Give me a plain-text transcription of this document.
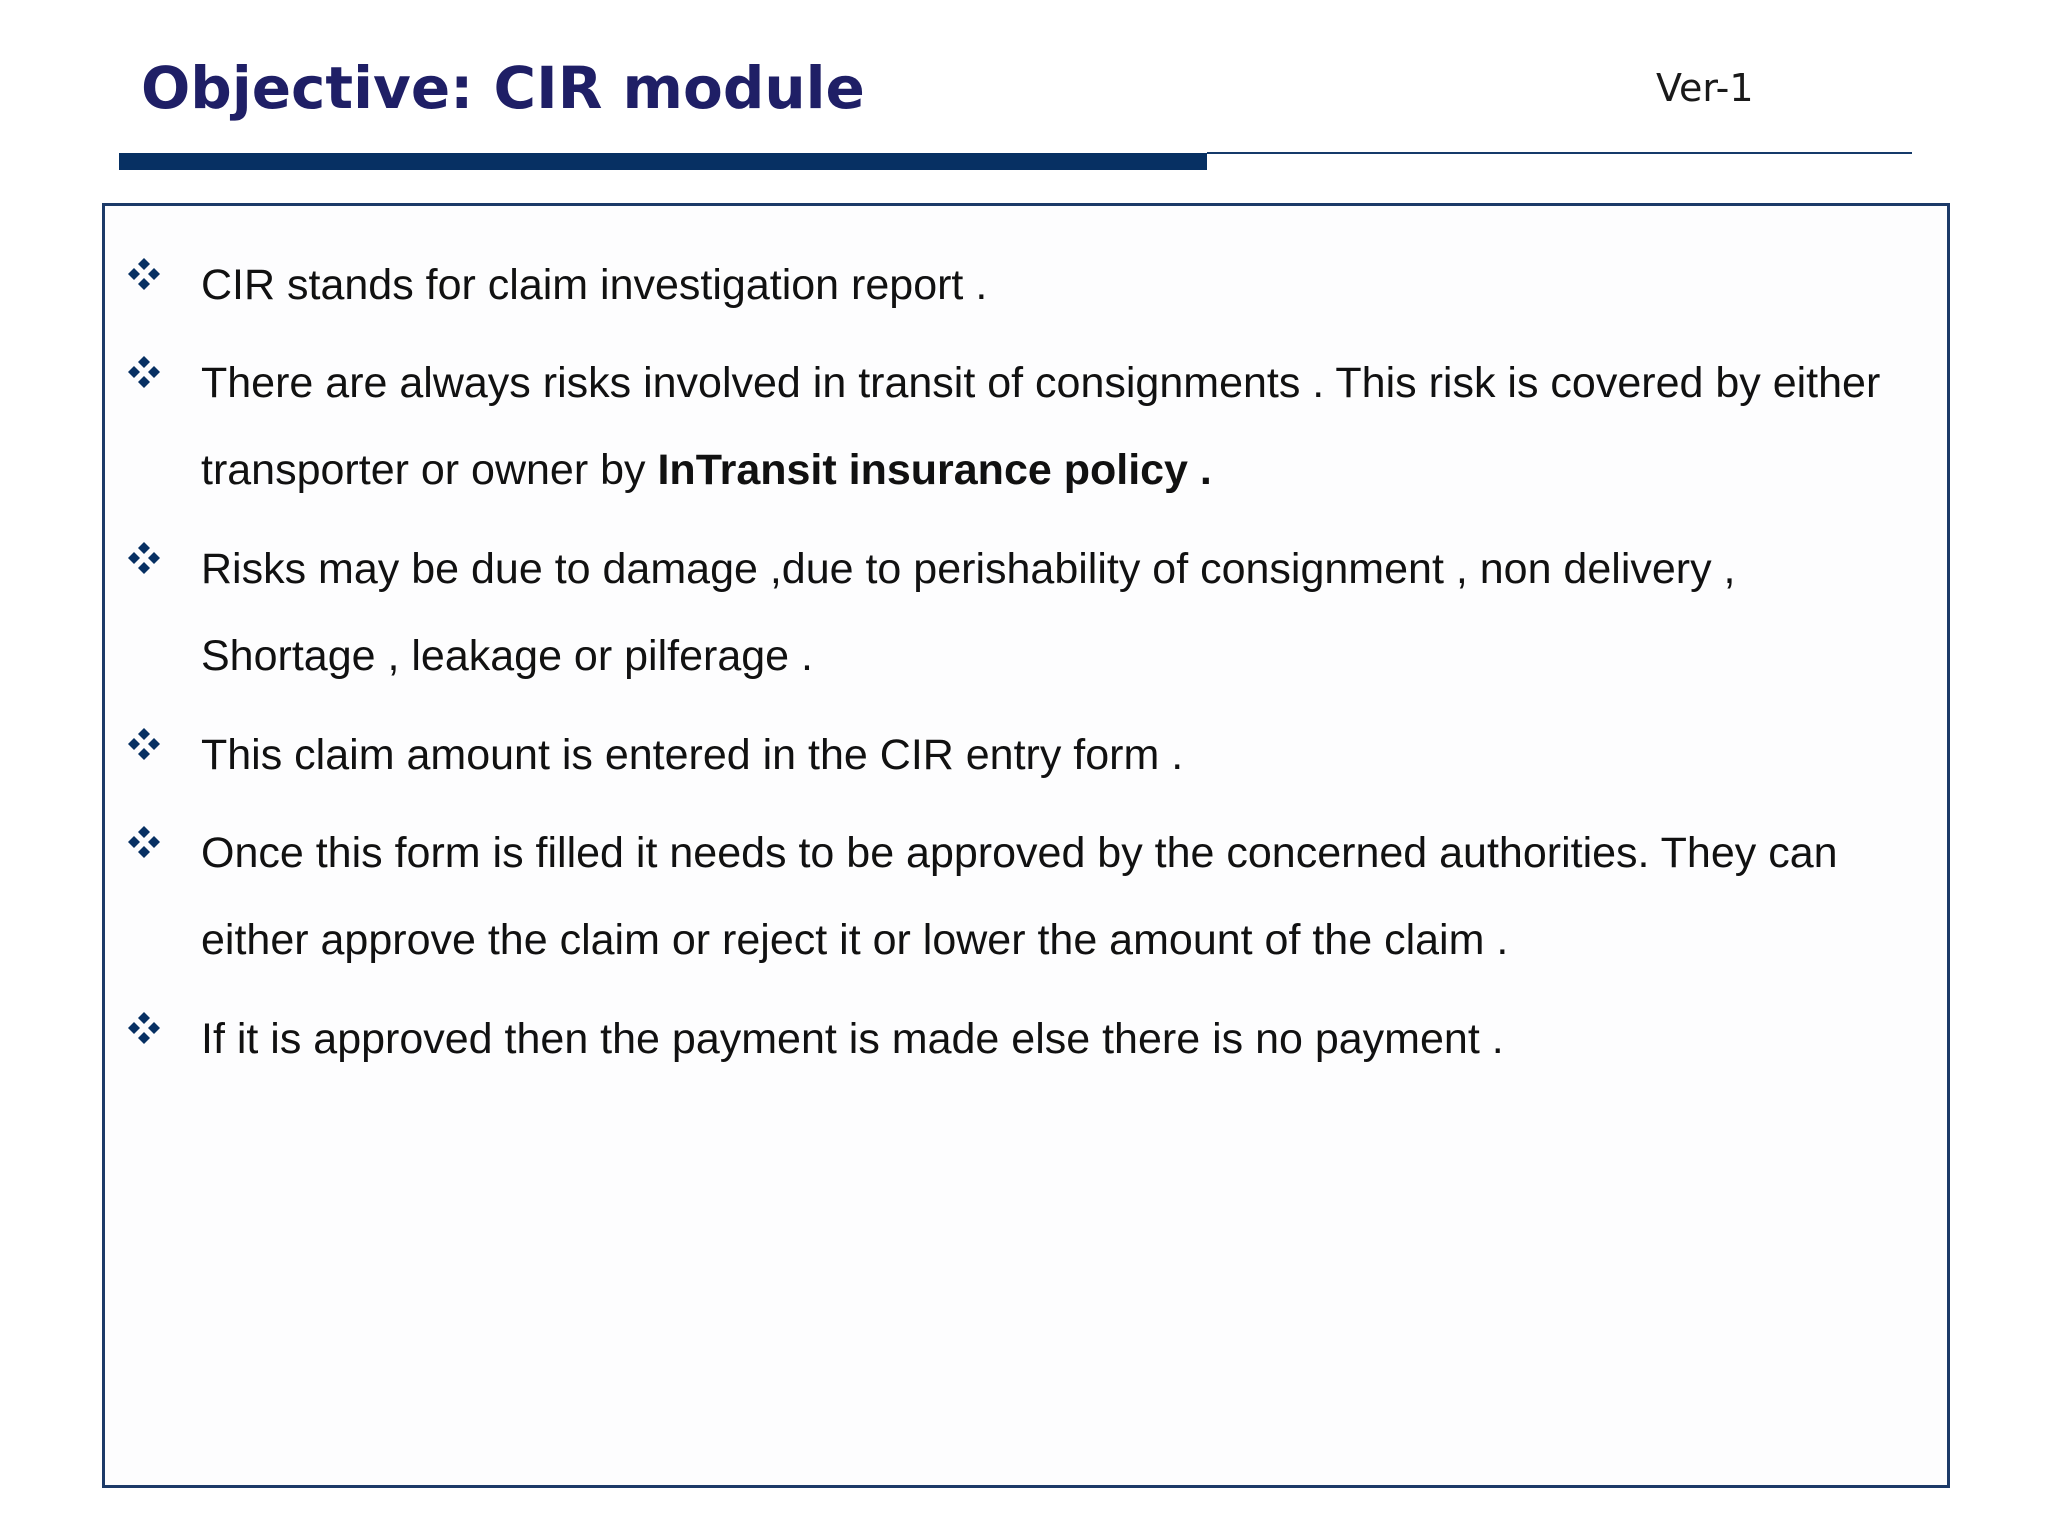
Objective: CIR module	Ver-1

CIR stands for claim investigation report .

There are always risks involved in transit of consignments . This risk is covered by either transporter or owner by InTransit insurance policy .

Risks may be due to damage ,due to perishability of consignment , non delivery , Shortage , leakage or pilferage .

This claim amount is entered in the CIR entry form .

Once this form is filled it needs to be approved by the concerned authorities. They can either approve the claim or reject it or lower the amount of the claim .

If it is approved then the payment is made else there is no payment .
